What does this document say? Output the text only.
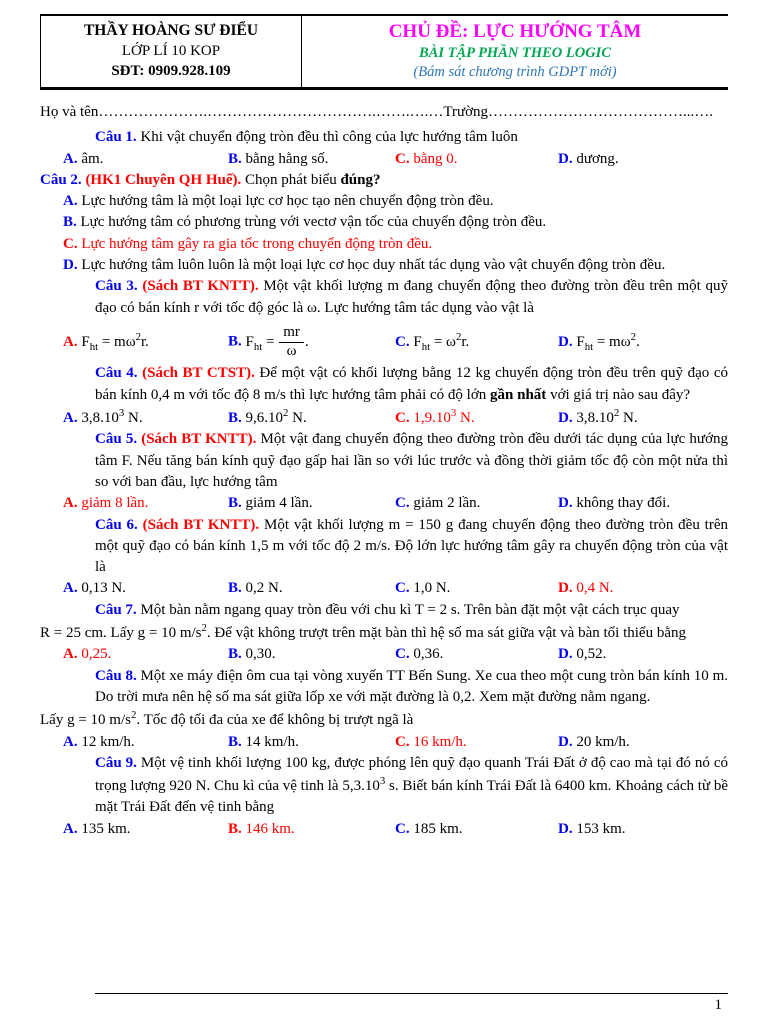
THẦY HOÀNG SƯ ĐIỂU
LỚP LÍ 10 KOP
SĐT: 0909.928.109
CHỦ ĐỀ: LỰC HƯỚNG TÂM
BÀI TẬP PHẦN THEO LOGIC
(Bám sát chương trình GDPT mới)

Họ và tên………………….…………………………….…….….…Trường…………………………………...….

Câu 1. Khi vật chuyển động tròn đều thì công của lực hướng tâm luôn

A. âm.	B. bằng hằng số.	C. bằng 0.	D. dương.

Câu 2. (HK1 Chuyên QH Huế). Chọn phát biểu đúng?

A. Lực hướng tâm là một loại lực cơ học tạo nên chuyển động tròn đều.

B. Lực hướng tâm có phương trùng với vectơ vận tốc của chuyển động tròn đều.

C. Lực hướng tâm gây ra gia tốc trong chuyển động tròn đều.

D. Lực hướng tâm luôn luôn là một loại lực cơ học duy nhất tác dụng vào vật chuyển động tròn đều.

Câu 3. (Sách BT KNTT). Một vật khối lượng m đang chuyển động theo đường tròn đều trên một quỹ đạo có bán kính r với tốc độ góc là ω. Lực hướng tâm tác dụng vào vật là

A. $F_{ht} = m\omega^2r$.	B. $F_{ht} = \frac{mr}{\omega}$ .	C. $F_{ht} = \omega^2r$.	D. $F_{ht} = m\omega^2$.

Câu 4. (Sách BT CTST). Để một vật có khối lượng bằng 12 kg chuyển động tròn đều trên quỹ đạo có bán kính 0,4 m với tốc độ 8 m/s thì lực hướng tâm phải có độ lớn gần nhất với giá trị nào sau đây?

A. 3,8.10$^3$ N.	B. 9,6.10$^2$ N.	C. 1,9.10$^3$ N.	D. 3,8.10$^2$ N.

Câu 5. (Sách BT KNTT). Một vật đang chuyển động theo đường tròn đều dưới tác dụng của lực hướng tâm F. Nếu tăng bán kính quỹ đạo gấp hai lần so với lúc trước và đồng thời giảm tốc độ còn một nửa thì so với ban đầu, lực hướng tâm

A. giảm 8 lần.	B. giảm 4 lần.	C. giảm 2 lần.	D. không thay đổi.

Câu 6. (Sách BT KNTT). Một vật khối lượng m = 150 g đang chuyển động theo đường tròn đều trên một quỹ đạo có bán kính 1,5 m với tốc độ 2 m/s. Độ lớn lực hướng tâm gây ra chuyển động tròn của vật là

A. 0,13 N.	B. 0,2 N.	C. 1,0 N.	D. 0,4 N.

Câu 7. Một bàn nằm ngang quay tròn đều với chu kì T = 2 s. Trên bàn đặt một vật cách trục quay

R = 25 cm. Lấy g = 10 $m/s^2$. Để vật không trượt trên mặt bàn thì hệ số ma sát giữa vật và bàn tối thiểu bằng

A. 0,25.	B. 0,30.	C. 0,36.	D. 0,52.

Câu 8. Một xe máy điện ôm cua tại vòng xuyến TT Bến Sung. Xe cua theo một cung tròn bán kính 10 m. Do trời mưa nên hệ số ma sát giữa lốp xe với mặt đường là 0,2. Xem mặt đường nằm ngang.

Lấy g = 10 $m/s^2$. Tốc độ tối đa của xe để không bị trượt ngã là

A. 12 km/h.	B. 14 km/h.	C. 16 km/h.	D. 20 km/h.

Câu 9. Một vệ tinh khối lượng 100 kg, được phóng lên quỹ đạo quanh Trái Đất ở độ cao mà tại đó nó có trọng lượng 920 N. Chu kì của vệ tinh là 5,3.10$^3$ s. Biết bán kính Trái Đất là 6400 km. Khoảng cách từ bề mặt Trái Đất đến vệ tinh bằng

A. 135 km.	B. 146 km.	C. 185 km.	D. 153 km.
1
